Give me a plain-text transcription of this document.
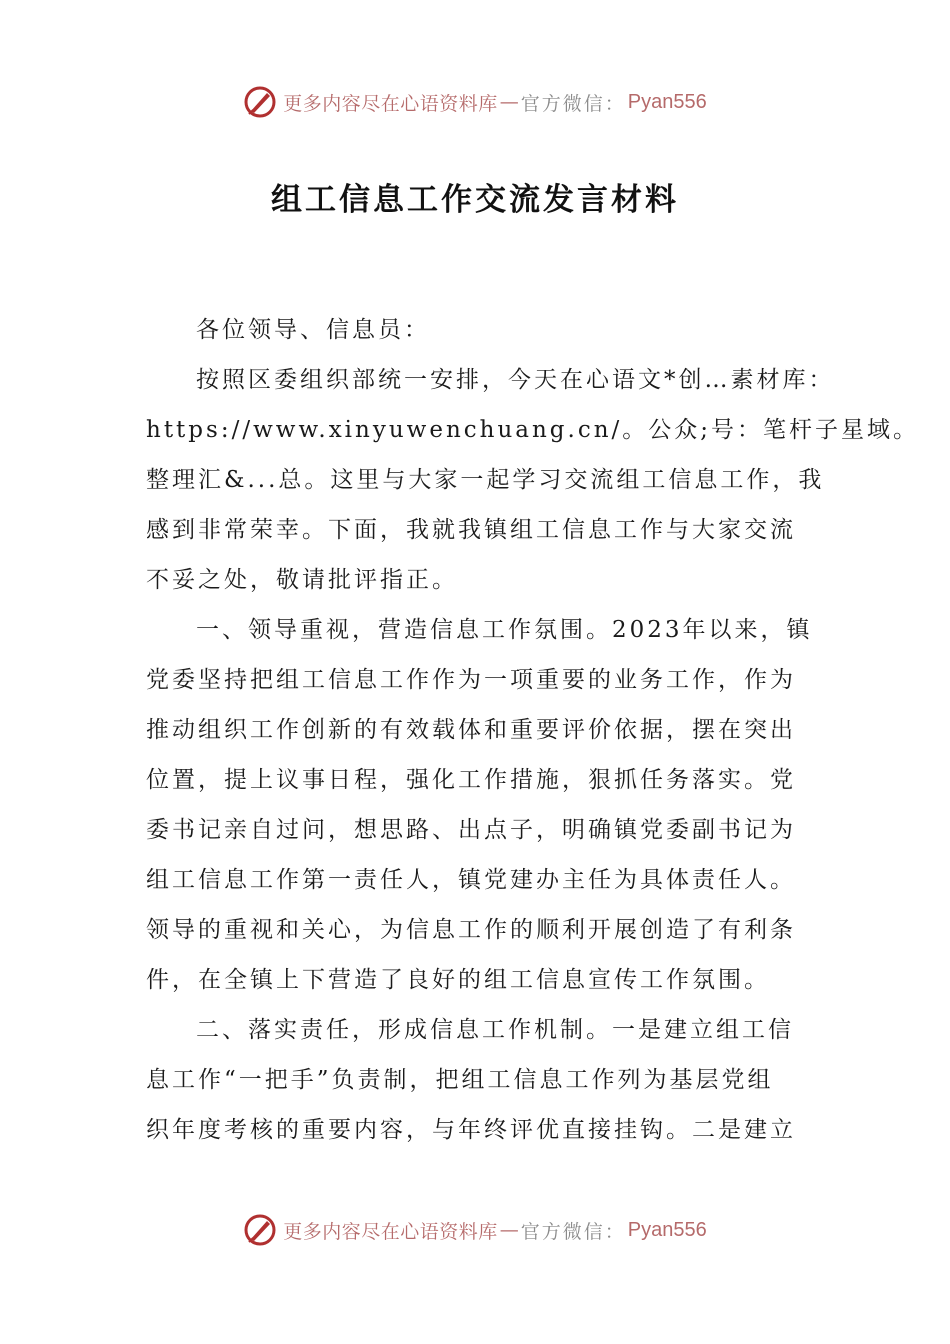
更多内容尽在心语资料库 — 官方微信： Pyan556
组工信息工作交流发言材料
各位领导、信息员：
按照区委组织部统一安排，今天在心语文*创…素材库：
https://www.xinyuwenchuang.cn/。公众;号：笔杆子星域。
整理汇&...总。这里与大家一起学习交流组工信息工作，我
感到非常荣幸。下面，我就我镇组工信息工作与大家交流
不妥之处，敬请批评指正。
一、领导重视，营造信息工作氛围。2023年以来，镇
党委坚持把组工信息工作作为一项重要的业务工作，作为
推动组织工作创新的有效载体和重要评价依据，摆在突出
位置，提上议事日程，强化工作措施，狠抓任务落实。党
委书记亲自过问，想思路、出点子，明确镇党委副书记为
组工信息工作第一责任人，镇党建办主任为具体责任人。
领导的重视和关心，为信息工作的顺利开展创造了有利条
件，在全镇上下营造了良好的组工信息宣传工作氛围。
二、落实责任，形成信息工作机制。一是建立组工信
息工作“一把手”负责制，把组工信息工作列为基层党组
织年度考核的重要内容，与年终评优直接挂钩。二是建立
更多内容尽在心语资料库 — 官方微信： Pyan556
